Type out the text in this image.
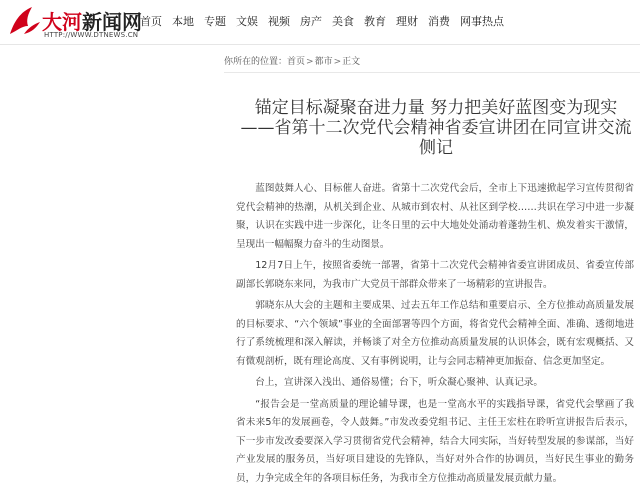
大河新闻网
HTTP://WWW.DTNEWS.CN
首页 本地 专题 文娱 视频 房产 美食 教育 理财 消费 网事热点
你所在的位置：首页>都市>正文
锚定目标凝聚奋进力量 努力把美好蓝图变为现实
——省第十二次党代会精神省委宣讲团在同宣讲交流
侧记

蓝图鼓舞人心、目标催人奋进。省第十二次党代会后，全市上下迅速掀起学习宣传贯彻省党代会精神的热潮，从机关到企业、从城市到农村、从社区到学校……共识在学习中进一步凝聚，认识在实践中进一步深化，让冬日里的云中大地处处涌动着蓬勃生机、焕发着实干激情，呈现出一幅幅聚力奋斗的生动图景。

12月7日上午，按照省委统一部署，省第十二次党代会精神省委宣讲团成员、省委宣传部副部长郭晓东来同，为我市广大党员干部群众带来了一场精彩的宣讲报告。

郭晓东从大会的主题和主要成果、过去五年工作总结和重要启示、全方位推动高质量发展的目标要求、“六个领域”事业的全面部署等四个方面，将省党代会精神全面、准确、透彻地进行了系统梳理和深入解读，并畅谈了对全方位推动高质量发展的认识体会，既有宏观概括、又有微观剖析，既有理论高度、又有事例说明，让与会同志精神更加振奋、信念更加坚定。

台上，宣讲深入浅出、通俗易懂；台下，听众凝心聚神、认真记录。

“报告会是一堂高质量的理论辅导课，也是一堂高水平的实践指导课，省党代会擘画了我省未来5年的发展画卷，令人鼓舞。”市发改委党组书记、主任王宏柱在聆听宣讲报告后表示，下一步市发改委要深入学习贯彻省党代会精神，结合大同实际，当好转型发展的参谋部，当好产业发展的服务员，当好项目建设的先锋队，当好对外合作的协调员，当好民生事业的勤务员，力争完成全年的各项目标任务，为我市全方位推动高质量发展贡献力量。
